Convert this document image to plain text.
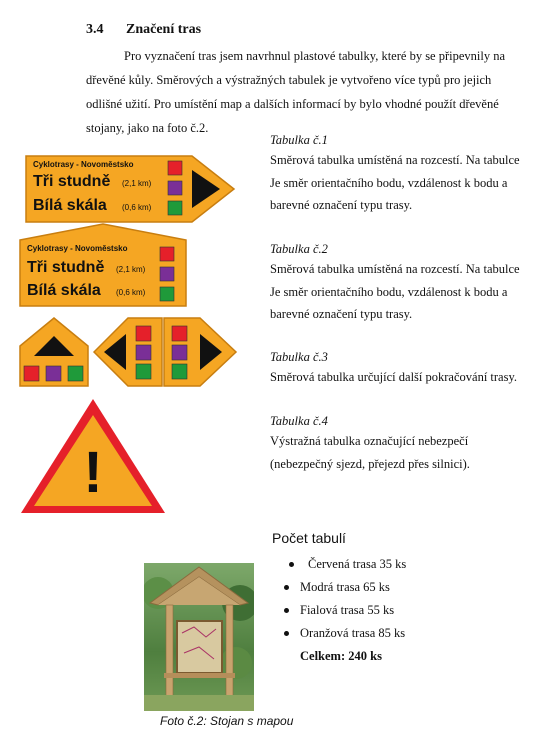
3.4 Značení tras
Pro vyznačení tras jsem navrhnul plastové tabulky, které by se připevnily na
dřevěné kůly. Směrových a výstražných tabulek je vytvořeno více typů pro jejich
odlišné užití. Pro umístění map a dalších informací by bylo vhodné použít dřevěné
stojany, jako na foto č.2.
Cyklotrasy - Novoměstsko
Tři studně (2,1 km)
Bílá skála (0,6 km)
Cyklotrasy - Novoměstsko
Tři studně (2,1 km)
Bílá skála (0,6 km)
!
Tabulka č.1
Směrová tabulka umístěná na rozcestí. Na tabulce
Je směr orientačního bodu, vzdálenost k bodu a
barevné označení typu trasy.
Tabulka č.2
Směrová tabulka umístěná na rozcestí. Na tabulce
Je směr orientačního bodu, vzdálenost k bodu a
barevné označení typu trasy.
Tabulka č.3
Směrová tabulka určující další pokračování trasy.
Tabulka č.4
Výstražná tabulka označující nebezpečí
(nebezpečný sjezd, přejezd přes silnici).
Počet tabulí
Červená trasa 35 ks
Modrá trasa 65 ks
Fialová trasa 55 ks
Oranžová trasa 85 ks
Celkem: 240 ks
Foto č.2: Stojan s mapou
